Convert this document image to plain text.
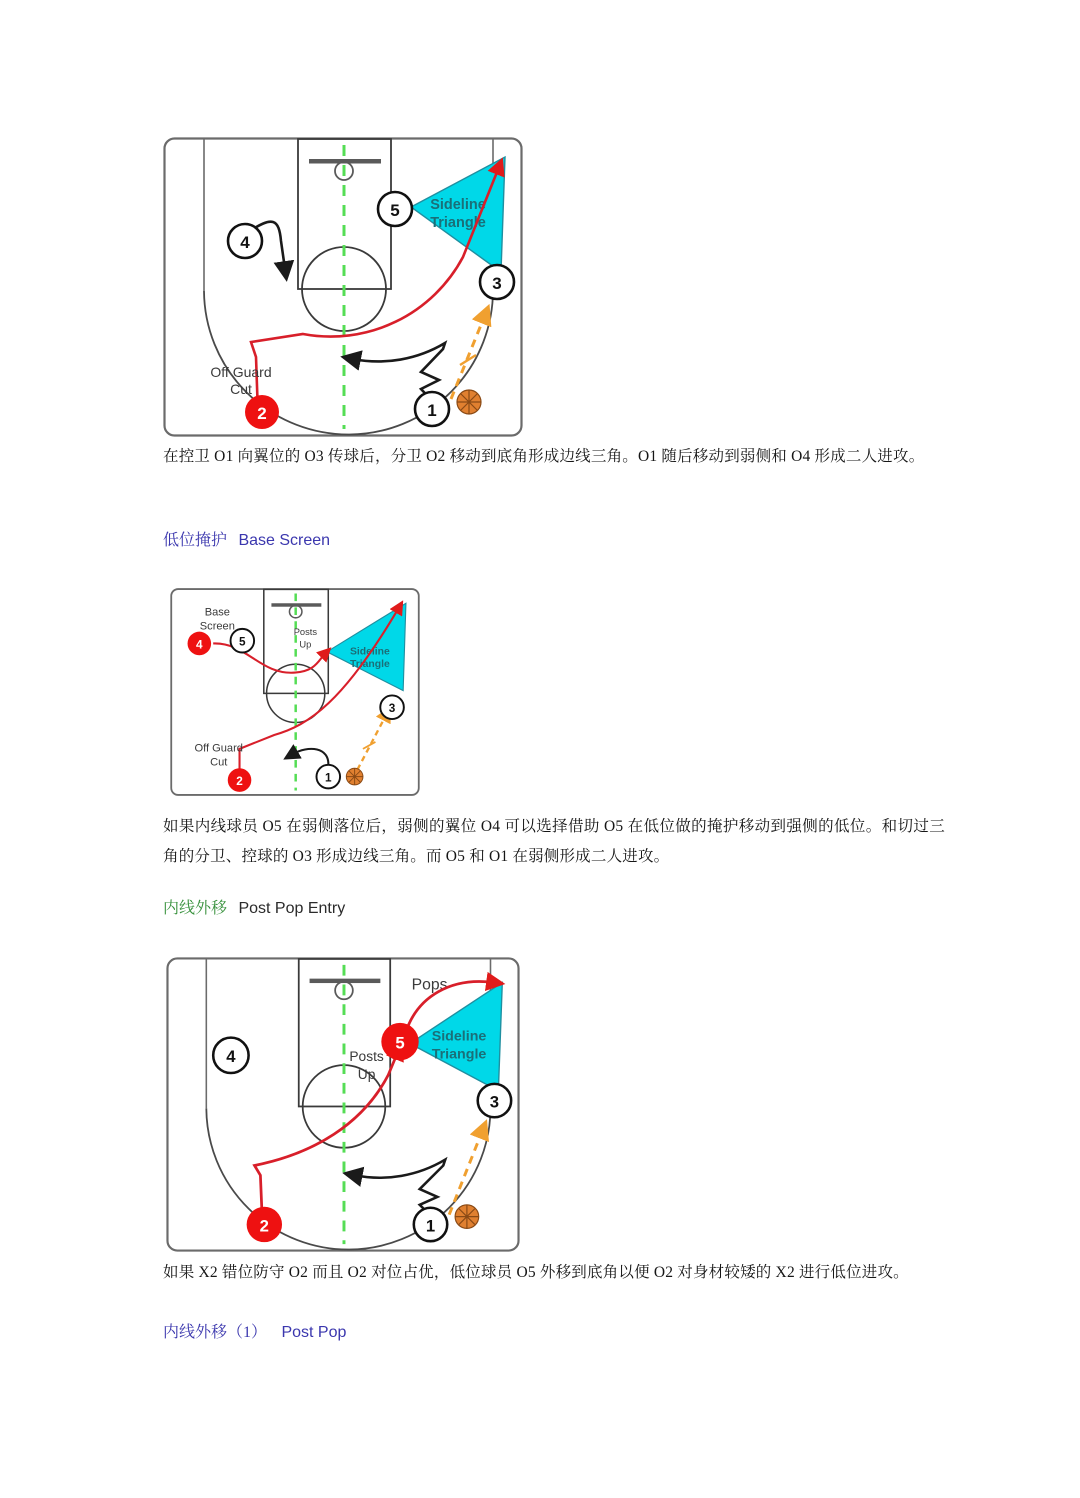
Sideline
Triangle
Off Guard
Cut
4
5
3
1
2
在控卫 O1 向翼位的 O3 传球后，分卫 O2 移动到底角形成边线三角。O1 随后移动到弱侧和 O4 形成二人进攻。
低位掩护 Base Screen
Sideline
Triangle
Base
Screen	Posts
Up
Off Guard
Cut
4 5
3
1
2
如果内线球员 O5 在弱侧落位后，弱侧的翼位 O4 可以选择借助 O5 在低位做的掩护移动到强侧的低位。和切过三角的分卫、控球的 O3 形成边线三角。而 O5 和 O1 在弱侧形成二人进攻。
内线外移 Post Pop Entry
Sideline
Triangle
Pops
Posts
Up
4
5
3
1
2
如果 X2 错位防守 O2 而且 O2 对位占优，低位球员 O5 外移到底角以便 O2 对身材较矮的 X2 进行低位进攻。
内线外移（1） Post Pop
